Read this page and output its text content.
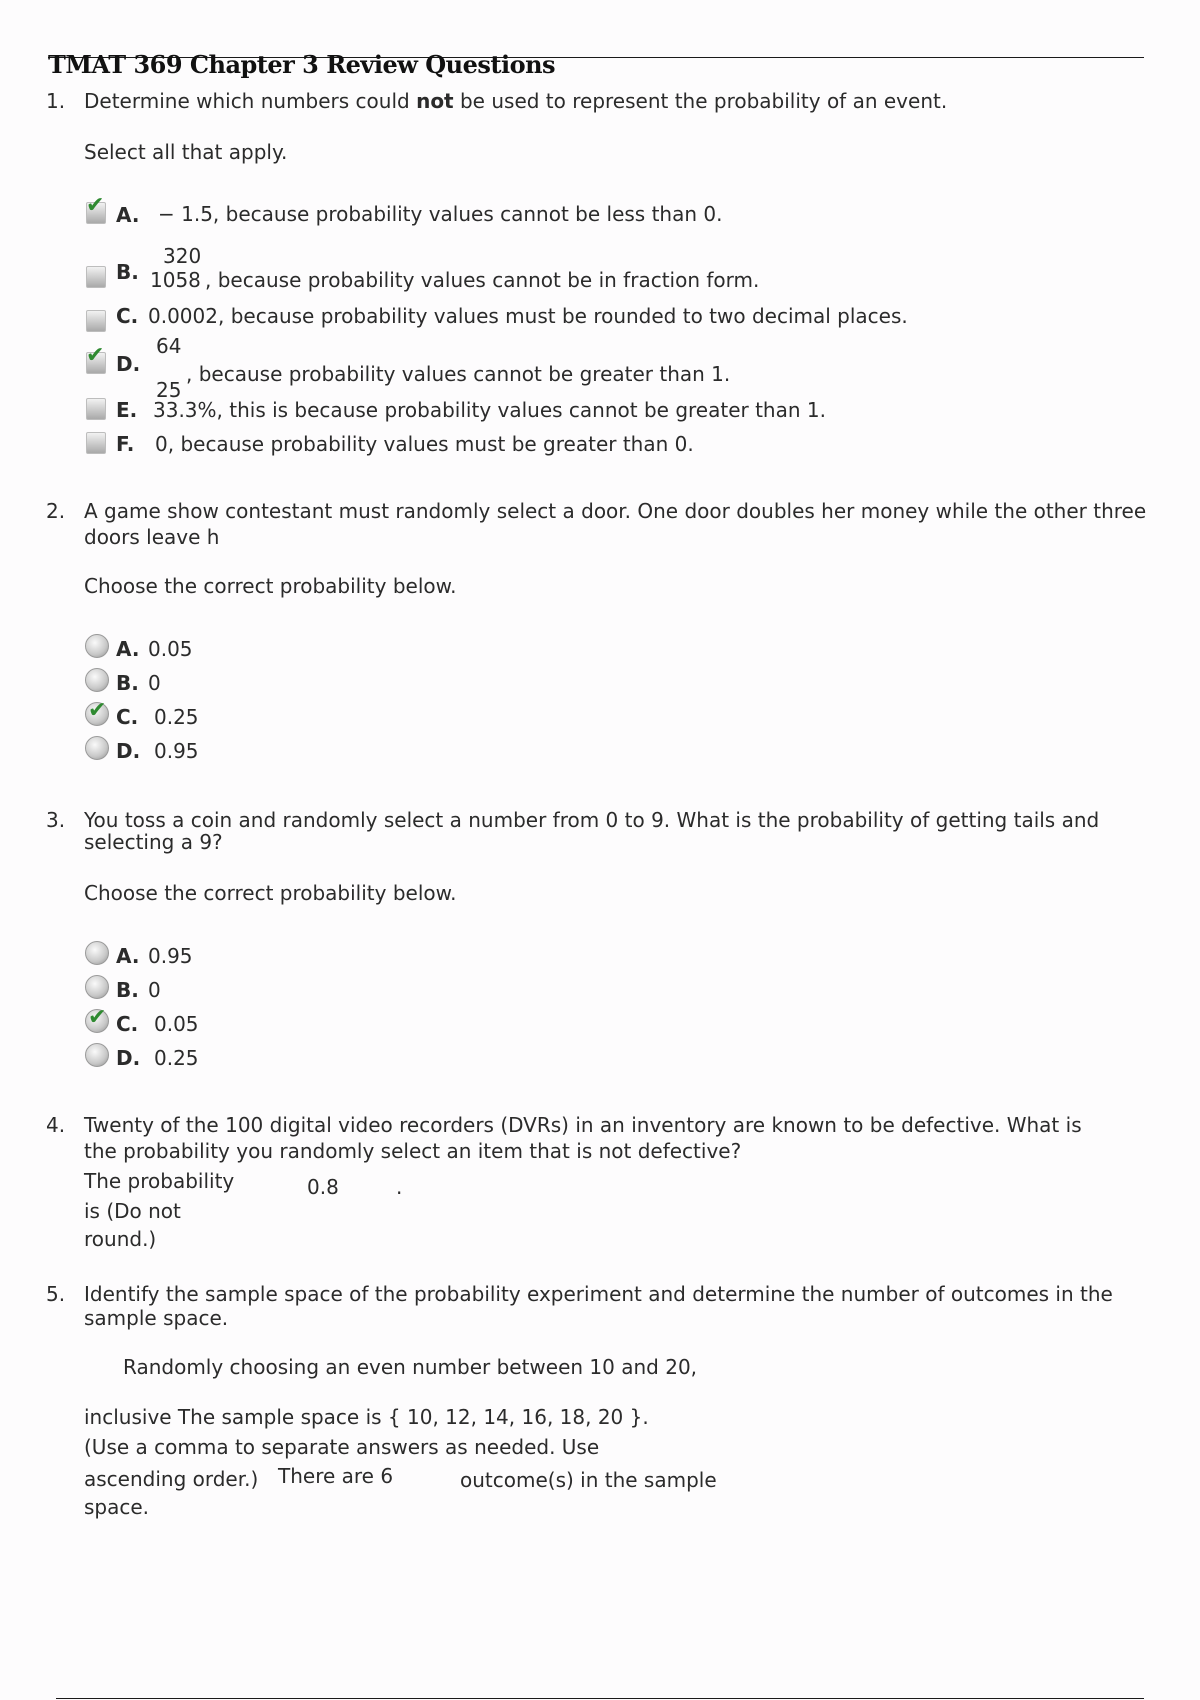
TMAT 369 Chapter 3 Review Questions
1. Determine which numbers could not be used to represent the probability of an event.
Select all that apply.
✔ A. − 1.5, because probability values cannot be less than 0.
B.
320
1058 , because probability values cannot be in fraction form.
C. 0.0002, because probability values must be rounded to two decimal places.
✔ D.
64
25
, because probability values cannot be greater than 1.
E. 33.3%, this is because probability values cannot be greater than 1.
F. 0, because probability values must be greater than 0.
2. A game show contestant must randomly select a door. One door doubles her money while the other three
doors leave h
Choose the correct probability below.
A. 0.05
B. 0
✔ C. 0.25
D. 0.95
3. You toss a coin and randomly select a number from 0 to 9. What is the probability of getting tails and
selecting a 9?
Choose the correct probability below.
A. 0.95
B. 0
✔ C. 0.05
D. 0.25
4. Twenty of the 100 digital video recorders (DVRs) in an inventory are known to be defective. What is
the probability you randomly select an item that is not defective?
The probability
is (Do not
round.)
0.8	.
5. Identify the sample space of the probability experiment and determine the number of outcomes in the
sample space.
Randomly choosing an even number between 10 and 20,
inclusive The sample space is { 10, 12, 14, 16, 18, 20 }.
(Use a comma to separate answers as needed. Use
ascending order.) There are 6	outcome(s) in the sample
space.
